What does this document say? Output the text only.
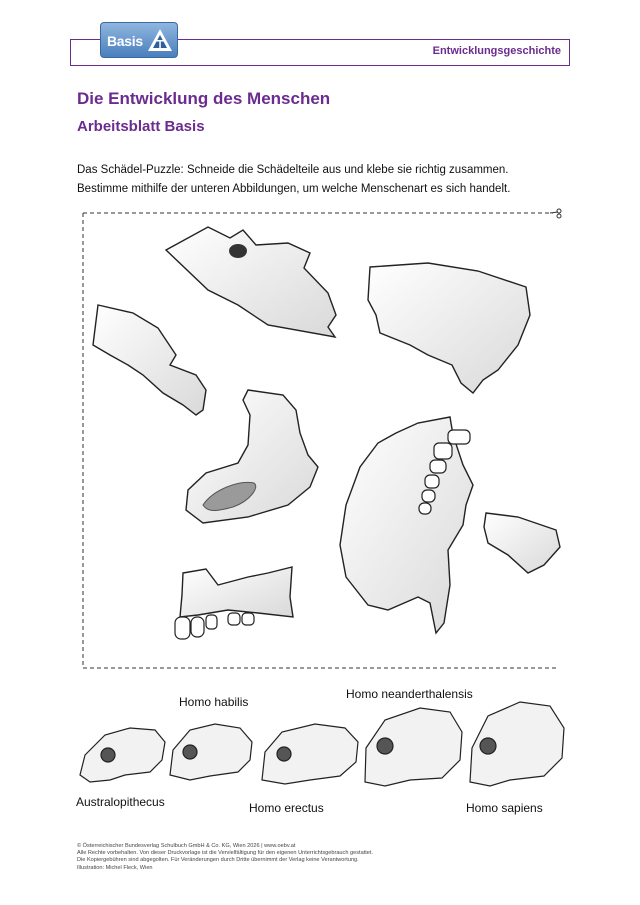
Entwicklungsgeschichte
Basis
Die Entwicklung des Menschen
Arbeitsblatt Basis
Das Schädel-Puzzle: Schneide die Schädelteile aus und klebe sie richtig zusammen.
Bestimme mithilfe der unteren Abbildungen, um welche Menschenart es sich handelt.
Australopithecus
Homo habilis
Homo erectus
Homo neanderthalensis
Homo sapiens
© Österreichischer Bundesverlag Schulbuch GmbH & Co. KG, Wien 2026 | www.oebv.at
Alle Rechte vorbehalten. Von dieser Druckvorlage ist die Vervielfältigung für den eigenen Unterrichtsgebrauch gestattet.
Die Kopiergebühren sind abgegolten. Für Veränderungen durch Dritte übernimmt der Verlag keine Verantwortung.
Illustration: Michel Fleck, Wien
